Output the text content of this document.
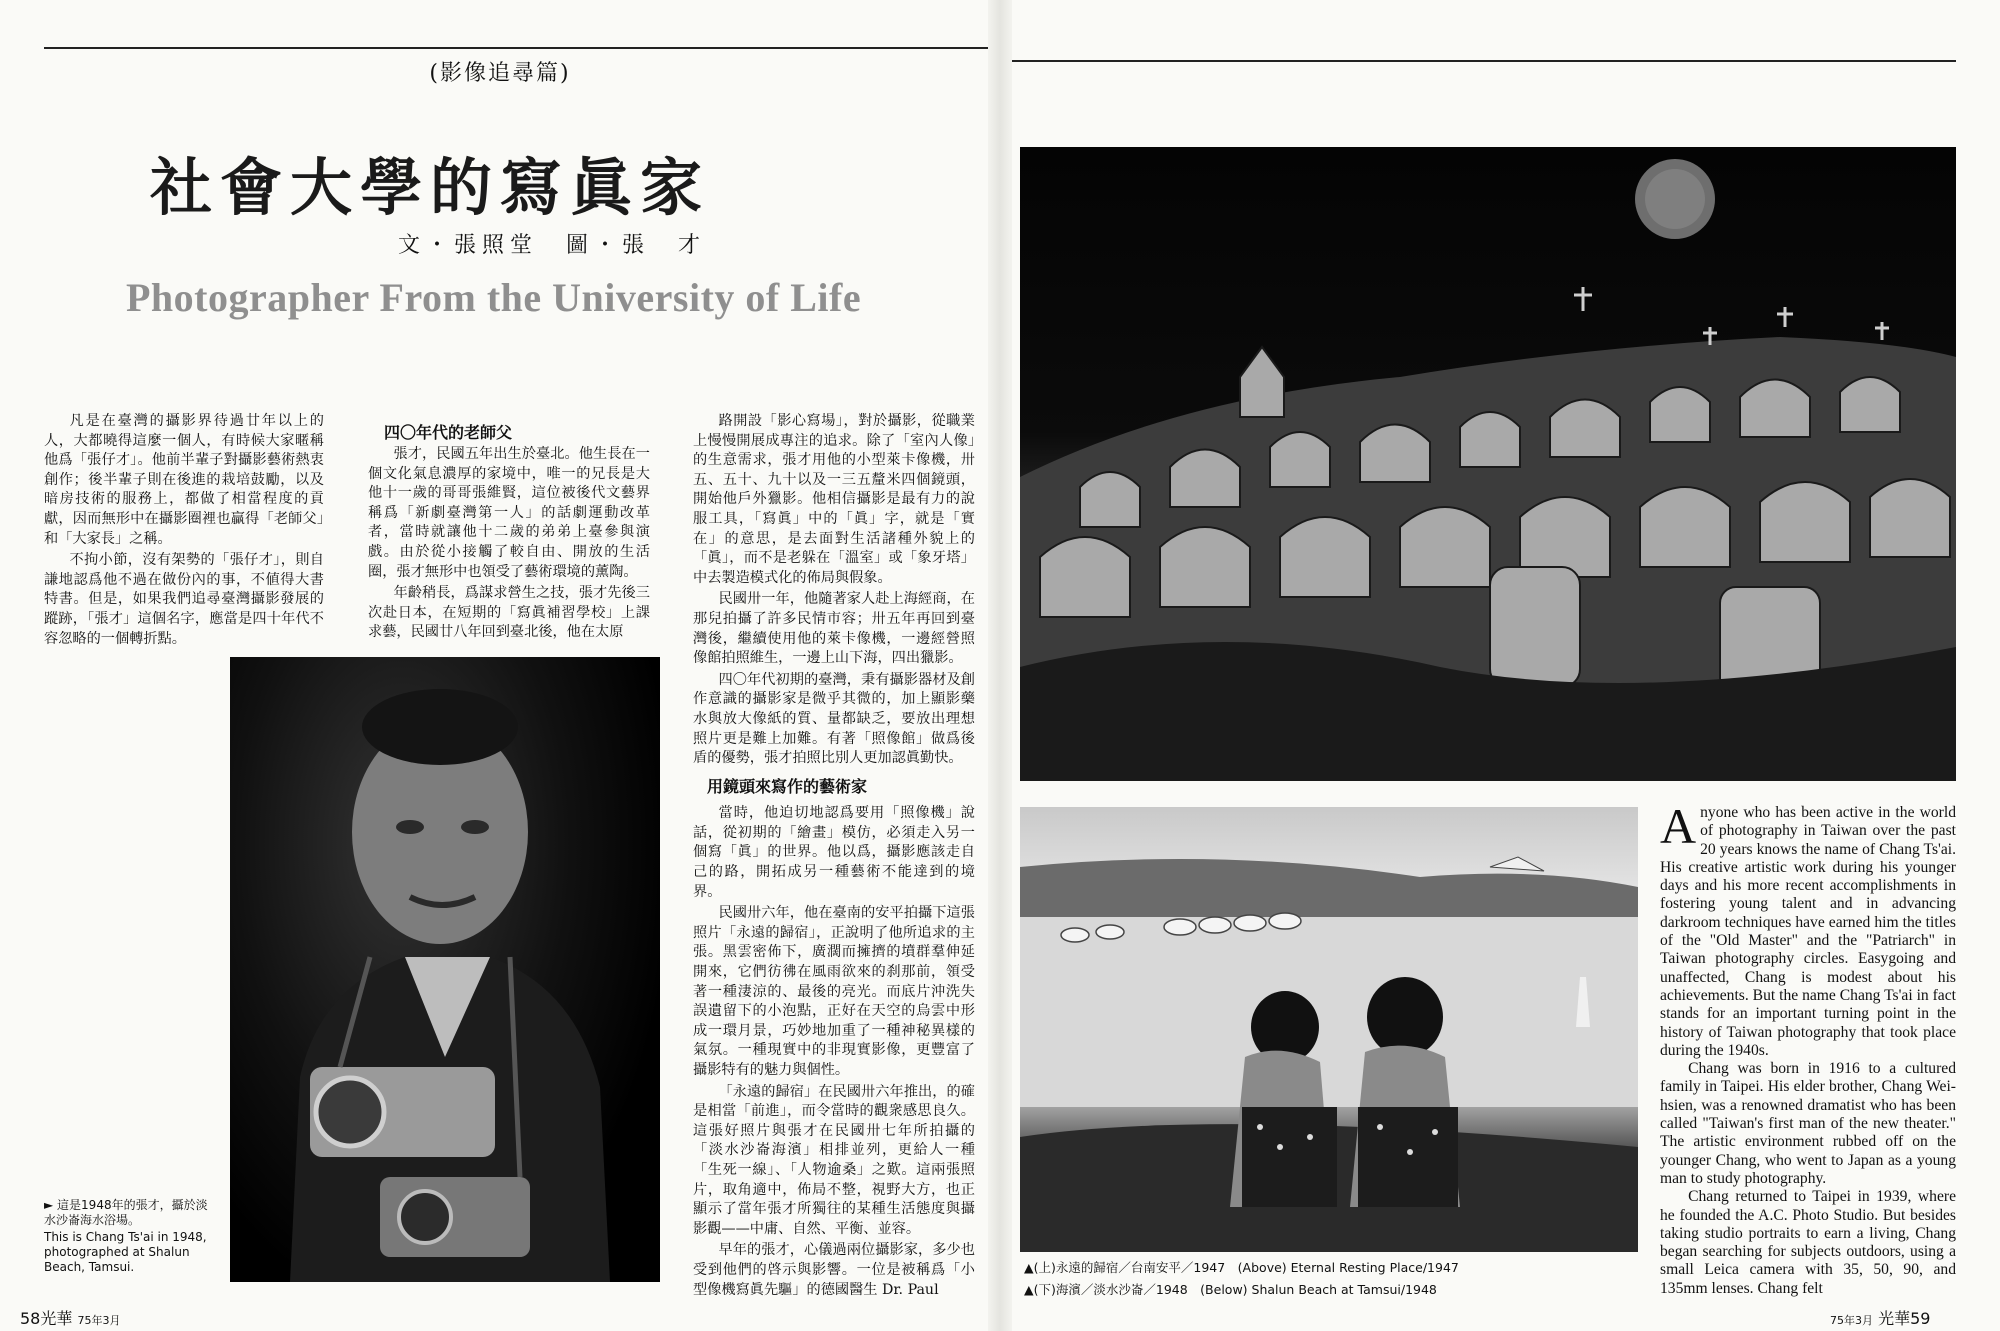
(影像追尋篇)
社會大學的寫眞家
文・張照堂　圖・張　才
Photographer From the University of Life

凡是在臺灣的攝影界待過廿年以上的人，大都曉得這麼一個人，有時候大家暱稱他爲「張仔才」。他前半輩子對攝影藝術熱衷創作；後半輩子則在後進的栽培鼓勵，以及暗房技術的服務上，都做了相當程度的貢獻，因而無形中在攝影圈裡也贏得「老師父」和「大家長」之稱。

不拘小節，沒有架勢的「張仔才」，則自謙地認爲他不過在做份內的事，不値得大書特書。但是，如果我們追尋臺灣攝影發展的蹤跡，「張才」這個名字，應當是四十年代不容忽略的一個轉折點。

四〇年代的老師父

張才，民國五年出生於臺北。他生長在一個文化氣息濃厚的家境中，唯一的兄長是大他十一歲的哥哥張維賢，這位被後代文藝界稱爲「新劇臺灣第一人」的話劇運動改革者，當時就讓他十二歲的弟弟上臺參與演戲。由於從小接觸了較自由、開放的生活圈，張才無形中也領受了藝術環境的薰陶。

年齡稍長，爲謀求營生之技，張才先後三次赴日本，在短期的「寫眞補習學校」上課求藝，民國廿八年回到臺北後，他在太原

路開設「影心寫場」，對於攝影，從職業上慢慢開展成專注的追求。除了「室內人像」的生意需求，張才用他的小型萊卡像機，卅五、五十、九十以及一三五釐米四個鏡頭，開始他戶外獵影。他相信攝影是最有力的說服工具，「寫眞」中的「眞」字，就是「實在」的意思，是去面對生活諸種外貌上的「眞」，而不是老躲在「溫室」或「象牙塔」中去製造模式化的佈局與假象。

民國卅一年，他隨著家人赴上海經商，在那兒拍攝了許多民情市容；卅五年再回到臺灣後，繼續使用他的萊卡像機，一邊經營照像館拍照維生，一邊上山下海，四出獵影。

四〇年代初期的臺灣，秉有攝影器材及創作意識的攝影家是微乎其微的，加上顯影藥水與放大像紙的質、量都缺乏，要放出理想照片更是難上加難。有著「照像館」做爲後盾的優勢，張才拍照比別人更加認眞勤快。

用鏡頭來寫作的藝術家

當時，他迫切地認爲要用「照像機」說話，從初期的「繪畫」模仿，必須走入另一個寫「眞」的世界。他以爲，攝影應該走自己的路，開拓成另一種藝術不能達到的境界。

民國卅六年，他在臺南的安平拍攝下這張照片「永遠的歸宿」，正說明了他所追求的主張。黑雲密佈下，廣濶而擁擠的墳群羣伸延開來，它們彷彿在風雨欲來的刹那前，領受著一種淒涼的、最後的亮光。而底片沖洗失誤遺留下的小泡點，正好在天空的烏雲中形成一環月景，巧妙地加重了一種神秘異樣的氣氛。一種現實中的非現實影像，更豐富了攝影特有的魅力與個性。

「永遠的歸宿」在民國卅六年推出，的確是相當「前進」，而令當時的觀衆感思良久。這張好照片與張才在民國卅七年所拍攝的「淡水沙崙海濱」相排並列，更給人一種「生死一線」、「人物逾桑」之歎。這兩張照片，取角適中，佈局不整，視野大方，也正顯示了當年張才所獨往的某種生活態度與攝影觀——中庸、自然、平衡、並容。

早年的張才，心儀過兩位攝影家，多少也受到他們的啓示與影響。一位是被稱爲「小型像機寫眞先驅」的德國醫生 Dr. Paul

► 這是1948年的張才，攝於淡水沙崙海水浴場。
This is Chang Ts'ai in 1948, photographed at Shalun Beach, Tamsui.	▲(上)永遠的歸宿／台南安平／1947　(Above) Eternal Resting Place/1947
▲(下)海濱／淡水沙崙／1948　(Below) Shalun Beach at Tamsui/1948

Anyone who has been active in the world of photography in Taiwan over the past 20 years knows the name of Chang Ts'ai. His creative artistic work during his younger days and his more recent accomplishments in fostering young talent and in advancing darkroom techniques have earned him the titles of the "Old Master" and the "Patriarch" in Taiwan photography circles. Easygoing and unaffected, Chang is modest about his achievements. But the name Chang Ts'ai in fact stands for an important turning point in the history of Taiwan photography that took place during the 1940s.

Chang was born in 1916 to a cultured family in Taipei. His elder brother, Chang Wei-hsien, was a renowned dramatist who has been called "Taiwan's first man of the new theater." The artistic environment rubbed off on the younger Chang, who went to Japan as a young man to study photography.

Chang returned to Taipei in 1939, where he founded the A.C. Photo Studio. But besides taking studio portraits to earn a living, Chang began searching for subjects outdoors, using a small Leica camera with 35, 50, 90, and 135mm lenses. Chang felt

58光華 75年3月	75年3月 光華59
